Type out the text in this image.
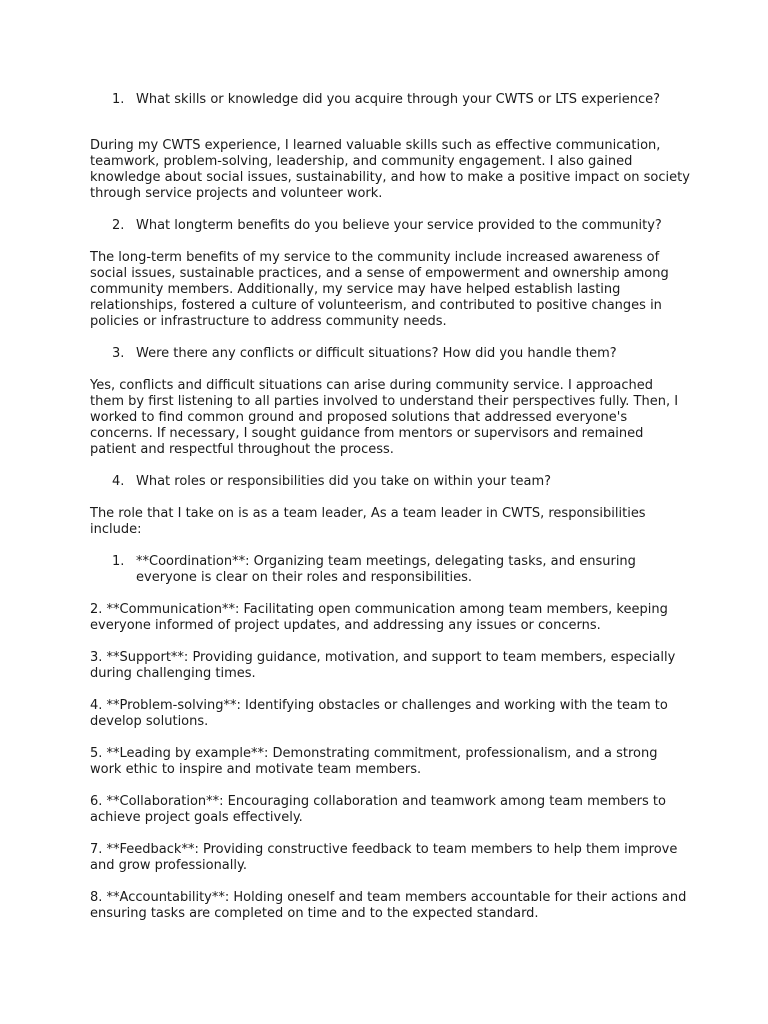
1. What skills or knowledge did you acquire through your CWTS or LTS experience?

During my CWTS experience, I learned valuable skills such as effective communication, teamwork, problem-solving, leadership, and community engagement. I also gained knowledge about social issues, sustainability, and how to make a positive impact on society through service projects and volunteer work.

2. What longterm benefits do you believe your service provided to the community?

The long-term benefits of my service to the community include increased awareness of social issues, sustainable practices, and a sense of empowerment and ownership among community members. Additionally, my service may have helped establish lasting relationships, fostered a culture of volunteerism, and contributed to positive changes in policies or infrastructure to address community needs.

3. Were there any conflicts or difficult situations? How did you handle them?

Yes, conflicts and difficult situations can arise during community service. I approached them by first listening to all parties involved to understand their perspectives fully. Then, I worked to find common ground and proposed solutions that addressed everyone's concerns. If necessary, I sought guidance from mentors or supervisors and remained patient and respectful throughout the process.

4. What roles or responsibilities did you take on within your team?

The role that I take on is as a team leader, As a team leader in CWTS, responsibilities include:

1. **Coordination**: Organizing team meetings, delegating tasks, and ensuring everyone is clear on their roles and responsibilities.

2. **Communication**: Facilitating open communication among team members, keeping everyone informed of project updates, and addressing any issues or concerns.

3. **Support**: Providing guidance, motivation, and support to team members, especially during challenging times.

4. **Problem-solving**: Identifying obstacles or challenges and working with the team to develop solutions.

5. **Leading by example**: Demonstrating commitment, professionalism, and a strong work ethic to inspire and motivate team members.

6. **Collaboration**: Encouraging collaboration and teamwork among team members to achieve project goals effectively.

7. **Feedback**: Providing constructive feedback to team members to help them improve and grow professionally.

8. **Accountability**: Holding oneself and team members accountable for their actions and ensuring tasks are completed on time and to the expected standard.
